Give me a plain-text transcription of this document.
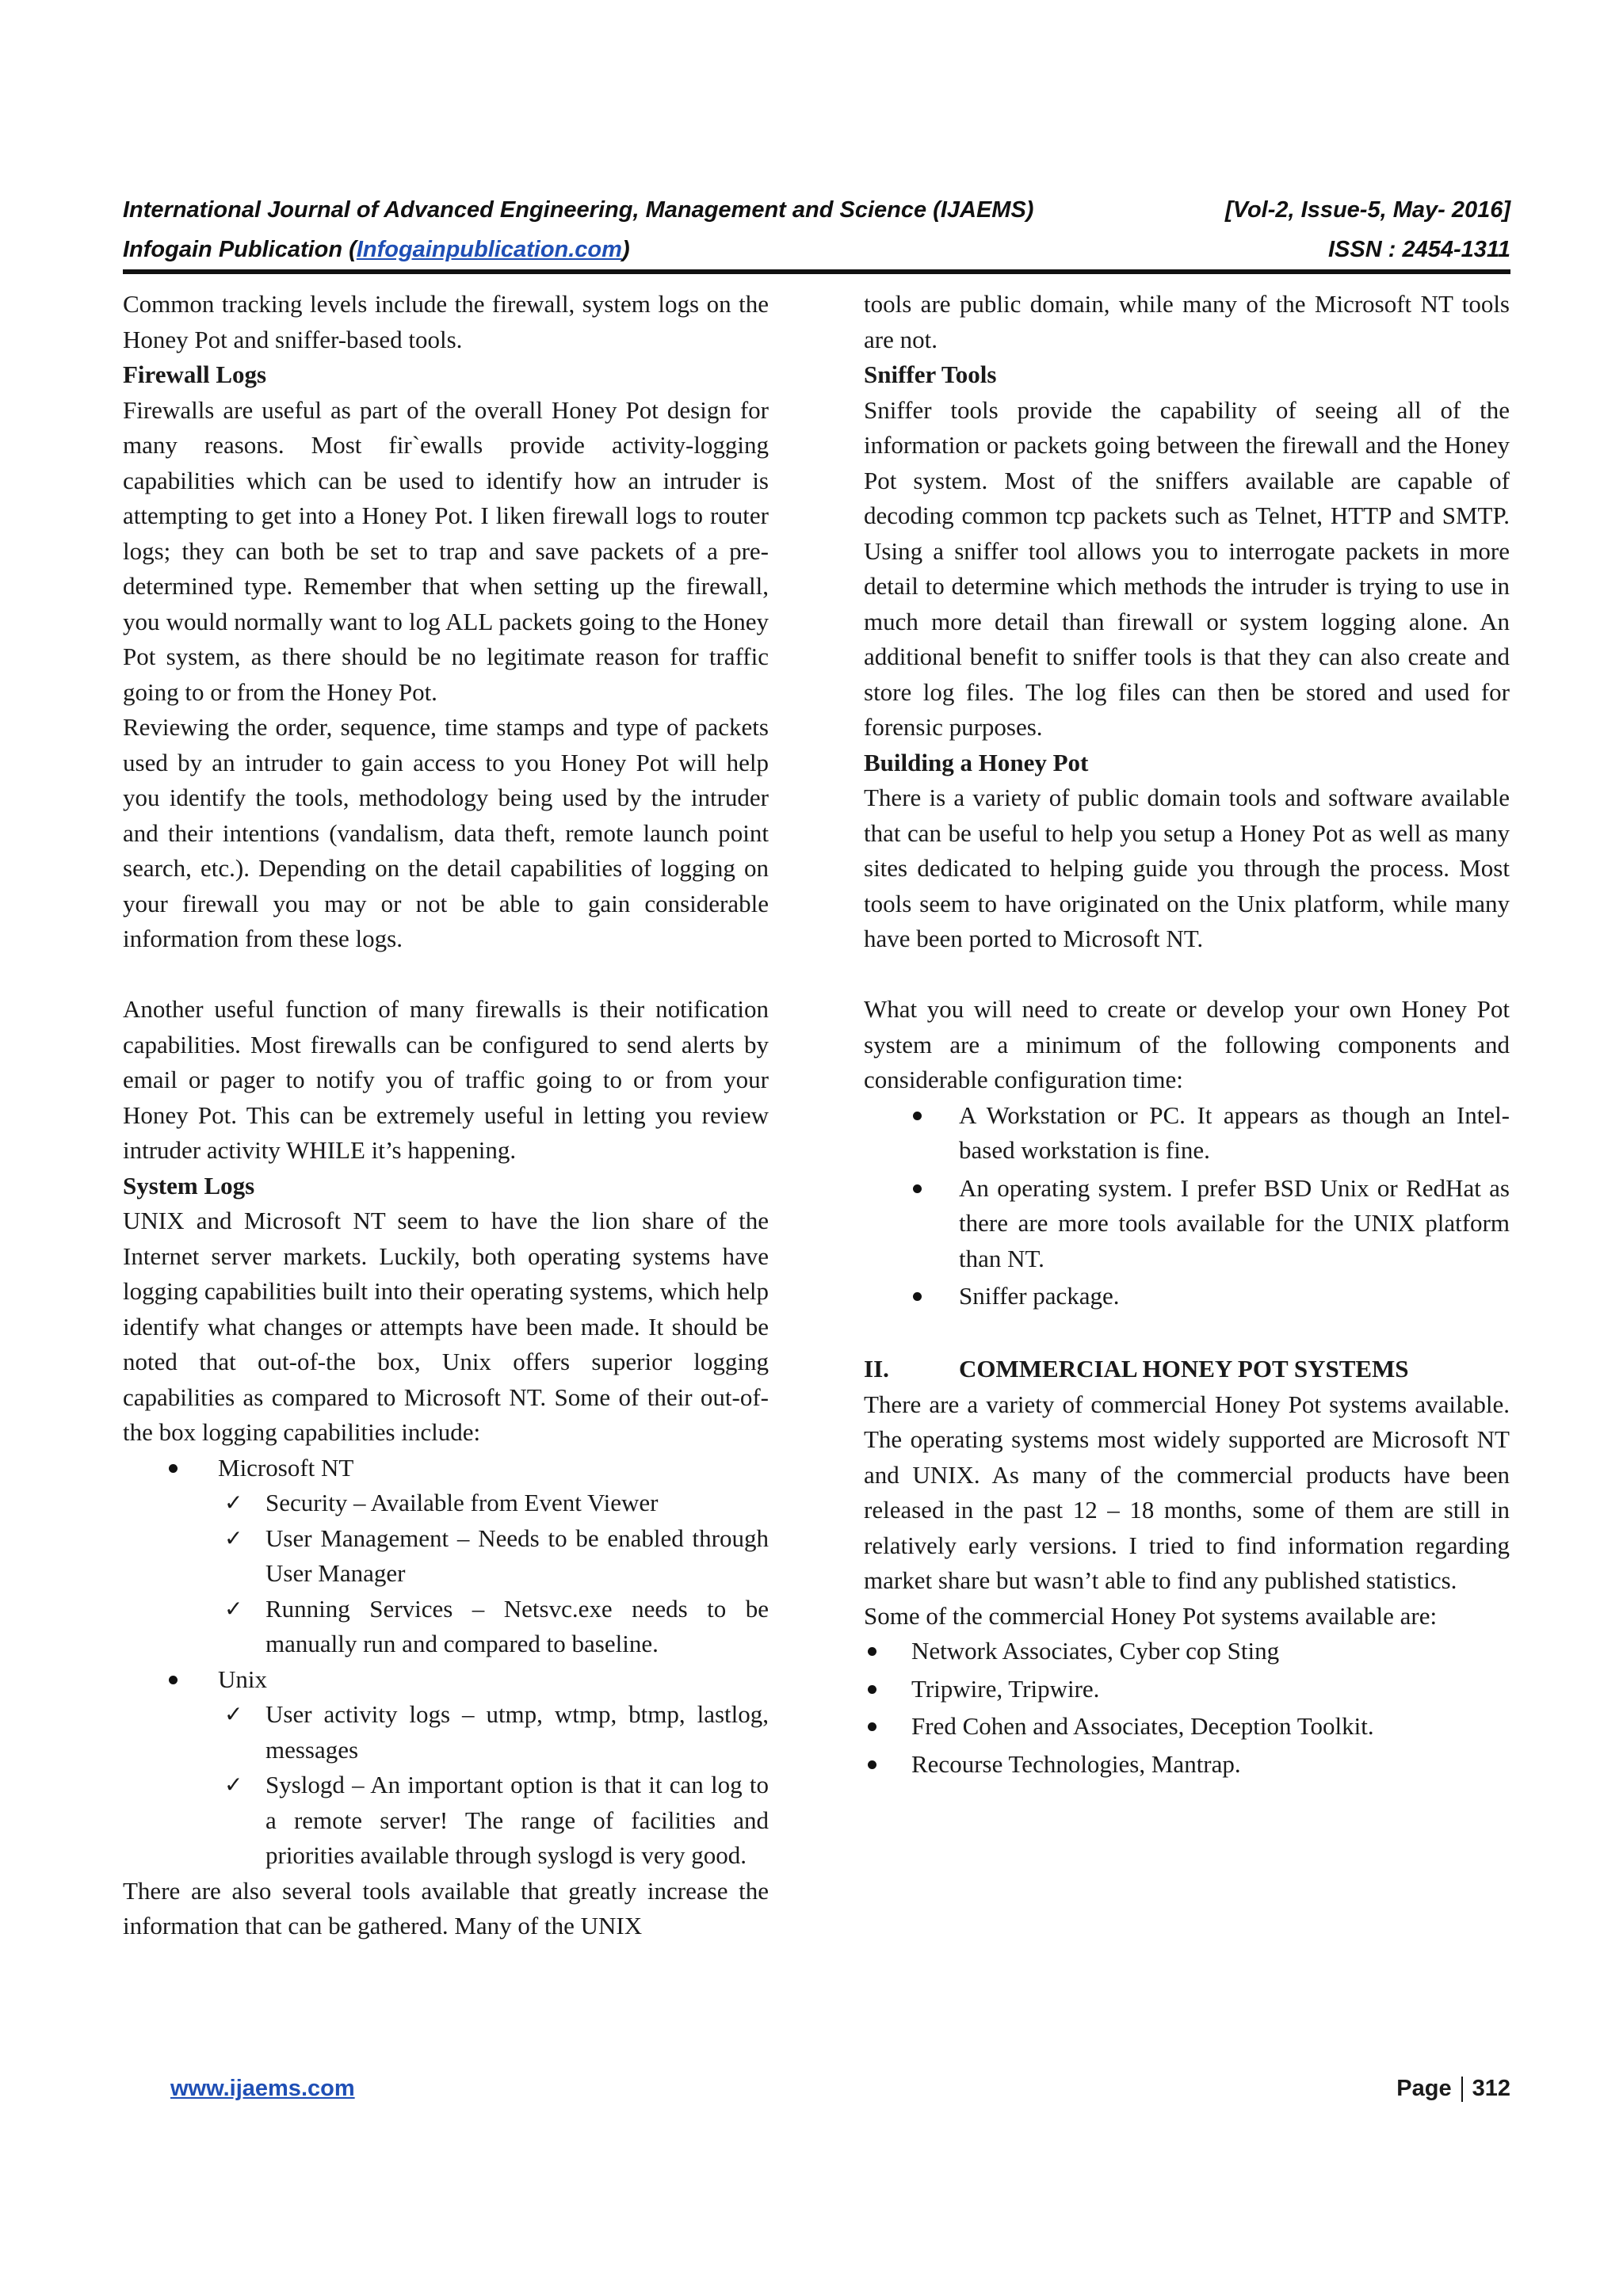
International Journal of Advanced Engineering, Management and Science (IJAEMS)	[Vol-2, Issue-5, May- 2016]
Infogain Publication (Infogainpublication.com)	ISSN : 2454-1311

Common tracking levels include the firewall, system logs on the Honey Pot and sniffer-based tools.

Firewall Logs

Firewalls are useful as part of the overall Honey Pot design for many reasons. Most fir`ewalls provide activity-logging capabilities which can be used to identify how an intruder is attempting to get into a Honey Pot. I liken firewall logs to router logs; they can both be set to trap and save packets of a pre-determined type. Remember that when setting up the firewall, you would normally want to log ALL packets going to the Honey Pot system, as there should be no legitimate reason for traffic going to or from the Honey Pot.

Reviewing the order, sequence, time stamps and type of packets used by an intruder to gain access to you Honey Pot will help you identify the tools, methodology being used by the intruder and their intentions (vandalism, data theft, remote launch point search, etc.). Depending on the detail capabilities of logging on your firewall you may or not be able to gain considerable information from these logs.

Another useful function of many firewalls is their notification capabilities. Most firewalls can be configured to send alerts by email or pager to notify you of traffic going to or from your Honey Pot. This can be extremely useful in letting you review intruder activity WHILE it’s happening.

System Logs

UNIX and Microsoft NT seem to have the lion share of the Internet server markets. Luckily, both operating systems have logging capabilities built into their operating systems, which help identify what changes or attempts have been made. It should be noted that out-of-the box, Unix offers superior logging capabilities as compared to Microsoft NT. Some of their out-of-the box logging capabilities include:

Microsoft NT
✓ Security – Available from Event Viewer
✓ User Management – Needs to be enabled through User Manager
✓ Running Services – Netsvc.exe needs to be manually run and compared to baseline.
Unix
✓ User activity logs – utmp, wtmp, btmp, lastlog, messages
✓ Syslogd – An important option is that it can log to a remote server! The range of facilities and priorities available through syslogd is very good.

There are also several tools available that greatly increase the information that can be gathered. Many of the UNIX

tools are public domain, while many of the Microsoft NT tools are not.

Sniffer Tools

Sniffer tools provide the capability of seeing all of the information or packets going between the firewall and the Honey Pot system. Most of the sniffers available are capable of decoding common tcp packets such as Telnet, HTTP and SMTP. Using a sniffer tool allows you to interrogate packets in more detail to determine which methods the intruder is trying to use in much more detail than firewall or system logging alone. An additional benefit to sniffer tools is that they can also create and store log files. The log files can then be stored and used for forensic purposes.

Building a Honey Pot

There is a variety of public domain tools and software available that can be useful to help you setup a Honey Pot as well as many sites dedicated to helping guide you through the process. Most tools seem to have originated on the Unix platform, while many have been ported to Microsoft NT.

What you will need to create or develop your own Honey Pot system are a minimum of the following components and considerable configuration time:

A Workstation or PC. It appears as though an Intel-based workstation is fine.
An operating system. I prefer BSD Unix or RedHat as there are more tools available for the UNIX platform than NT.
Sniffer package.

II.	COMMERCIAL HONEY POT SYSTEMS

There are a variety of commercial Honey Pot systems available. The operating systems most widely supported are Microsoft NT and UNIX. As many of the commercial products have been released in the past 12 – 18 months, some of them are still in relatively early versions. I tried to find information regarding market share but wasn’t able to find any published statistics.

Some of the commercial Honey Pot systems available are:

Network Associates, Cyber cop Sting
Tripwire, Tripwire.
Fred Cohen and Associates, Deception Toolkit.
Recourse Technologies, Mantrap.
www.ijaems.com	Page 312
